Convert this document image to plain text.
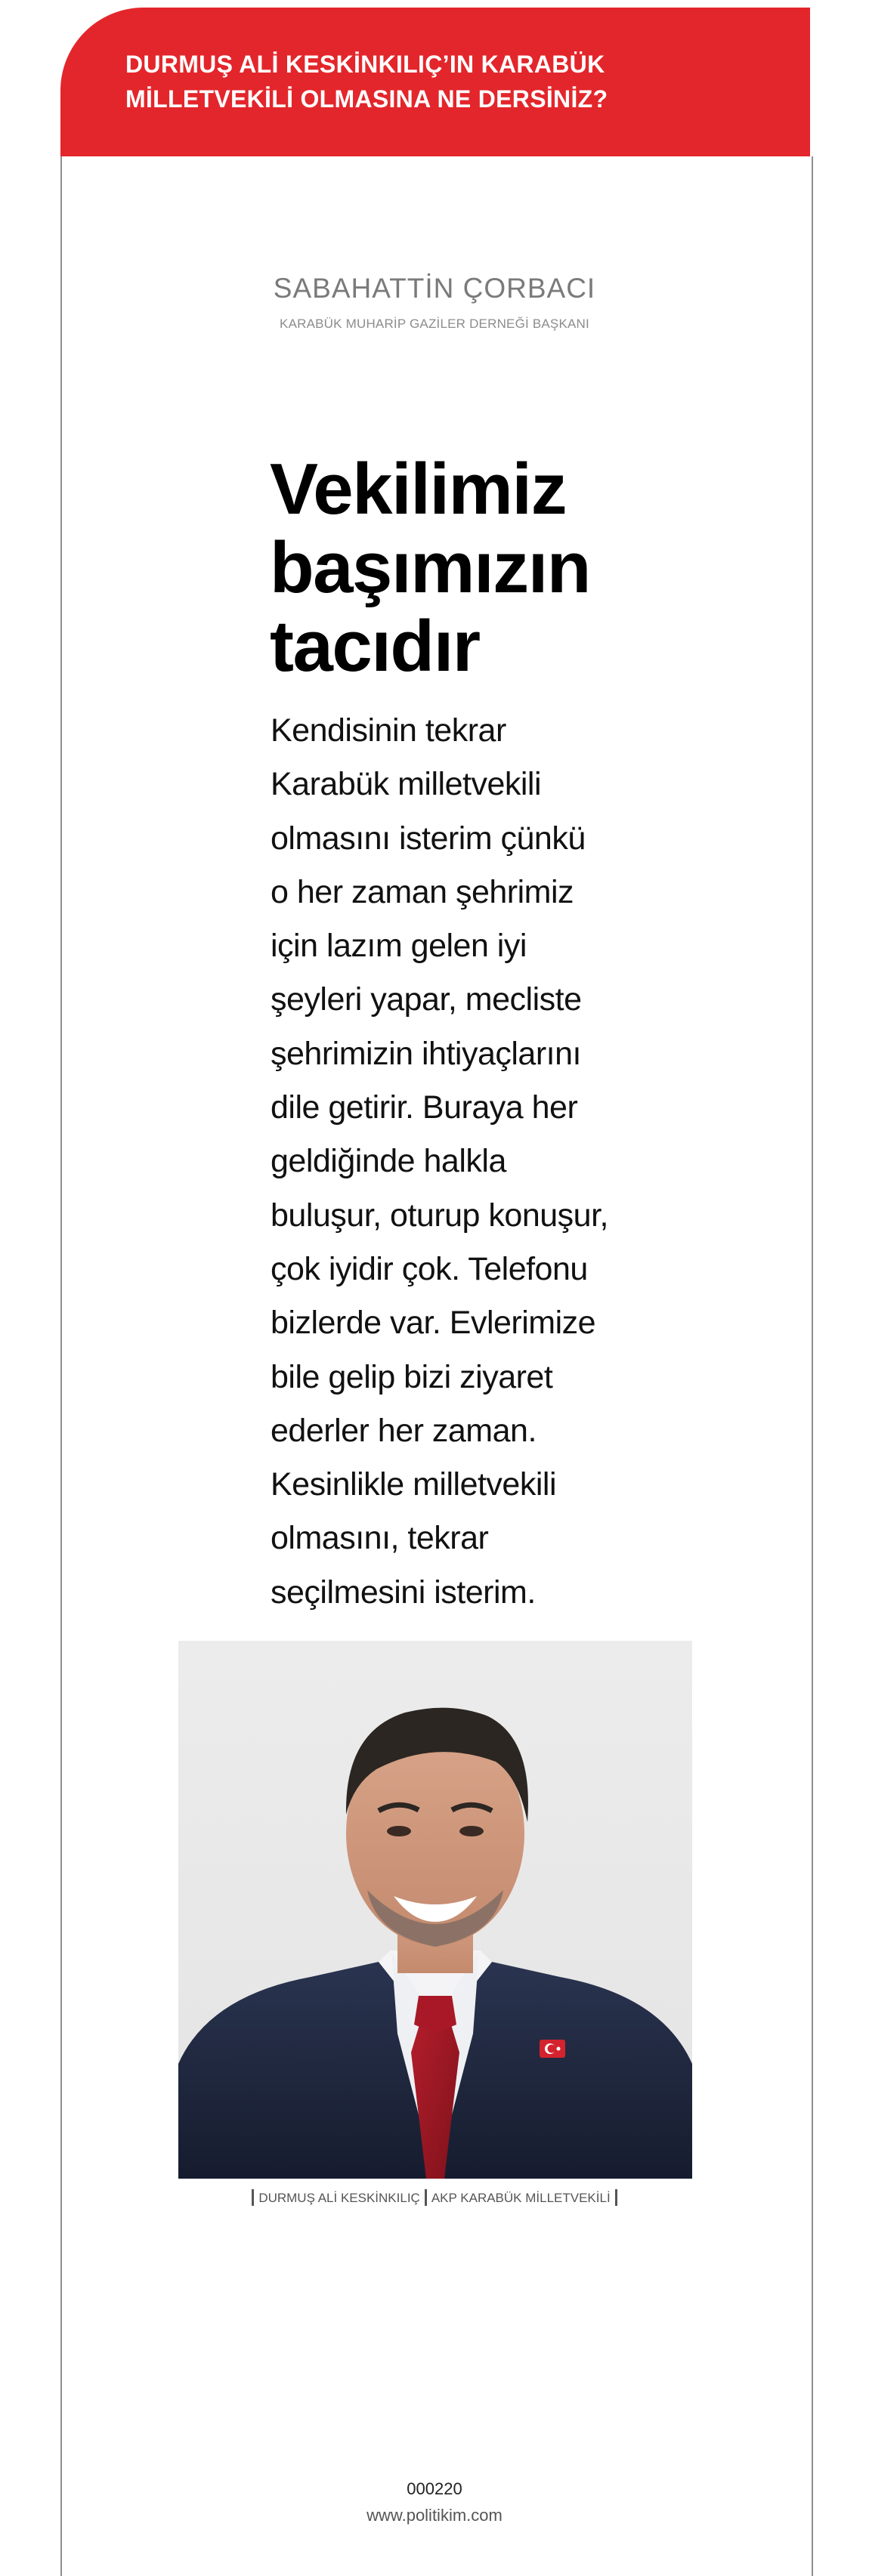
DURMUŞ ALİ KESKİNKILIÇ’IN KARABÜK
MİLLETVEKİLİ OLMASINA NE DERSİNİZ?
SABAHATTİN ÇORBACI
KARABÜK MUHARİP GAZİLER DERNEĞİ BAŞKANI
Vekilimiz
başımızın
tacıdır
Kendisinin tekrar
Karabük milletvekili
olmasını isterim çünkü
o her zaman şehrimiz
için lazım gelen iyi
şeyleri yapar, mecliste
şehrimizin ihtiyaçlarını
dile getirir. Buraya her
geldiğinde halkla
buluşur, oturup konuşur,
çok iyidir çok. Telefonu
bizlerde var. Evlerimize
bile gelip bizi ziyaret
ederler her zaman.
Kesinlikle milletvekili
olmasını, tekrar
seçilmesini isterim.
DURMUŞ ALİ KESKİNKILIÇ AKP KARABÜK MİLLETVEKİLİ
000220
www.politikim.com
